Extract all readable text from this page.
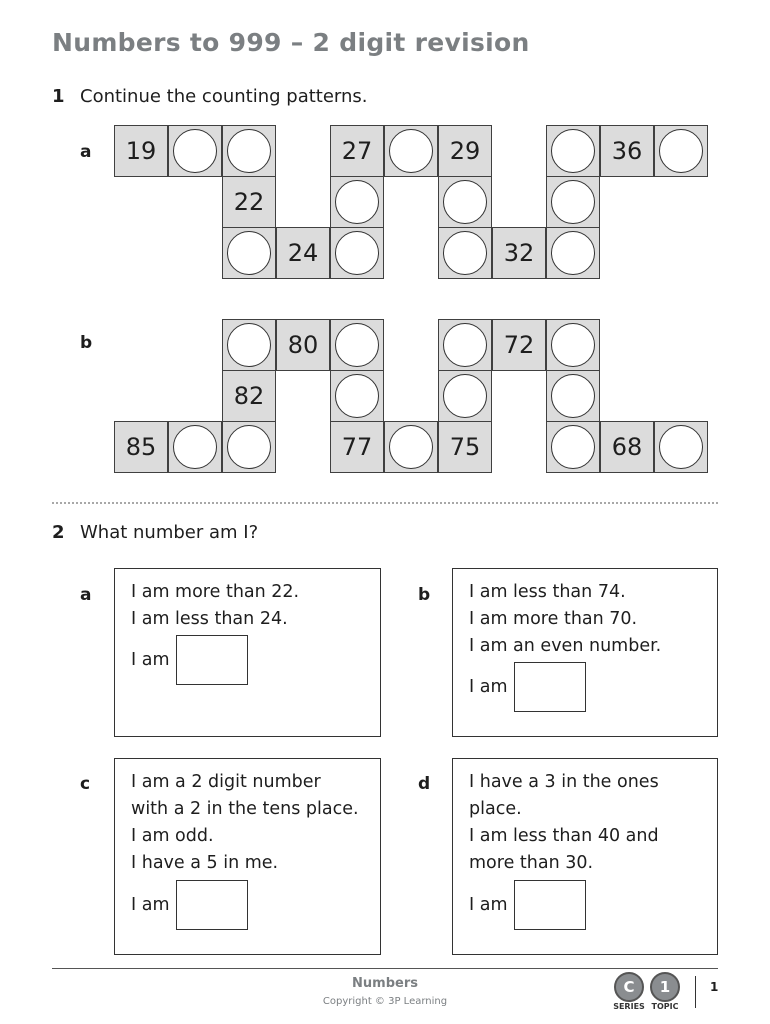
Numbers to 999 – 2 digit revision
1 Continue the counting patterns.
a	19
22
24
27	29
32
36
b
85
82
80
77	75
72
68
2 What number am I?
a I am more than 22.
I am less than 24.
I am
b I am less than 74.
I am more than 70.
I am an even number.
I am
c I am a 2 digit number
with a 2 in the tens place.
I am odd.
I have a 5 in me.
I am
d I have a 3 in the ones
place.
I am less than 40 and
more than 30.
I am
Numbers
Copyright © 3P Learning
C
SERIES
1
TOPIC
1
